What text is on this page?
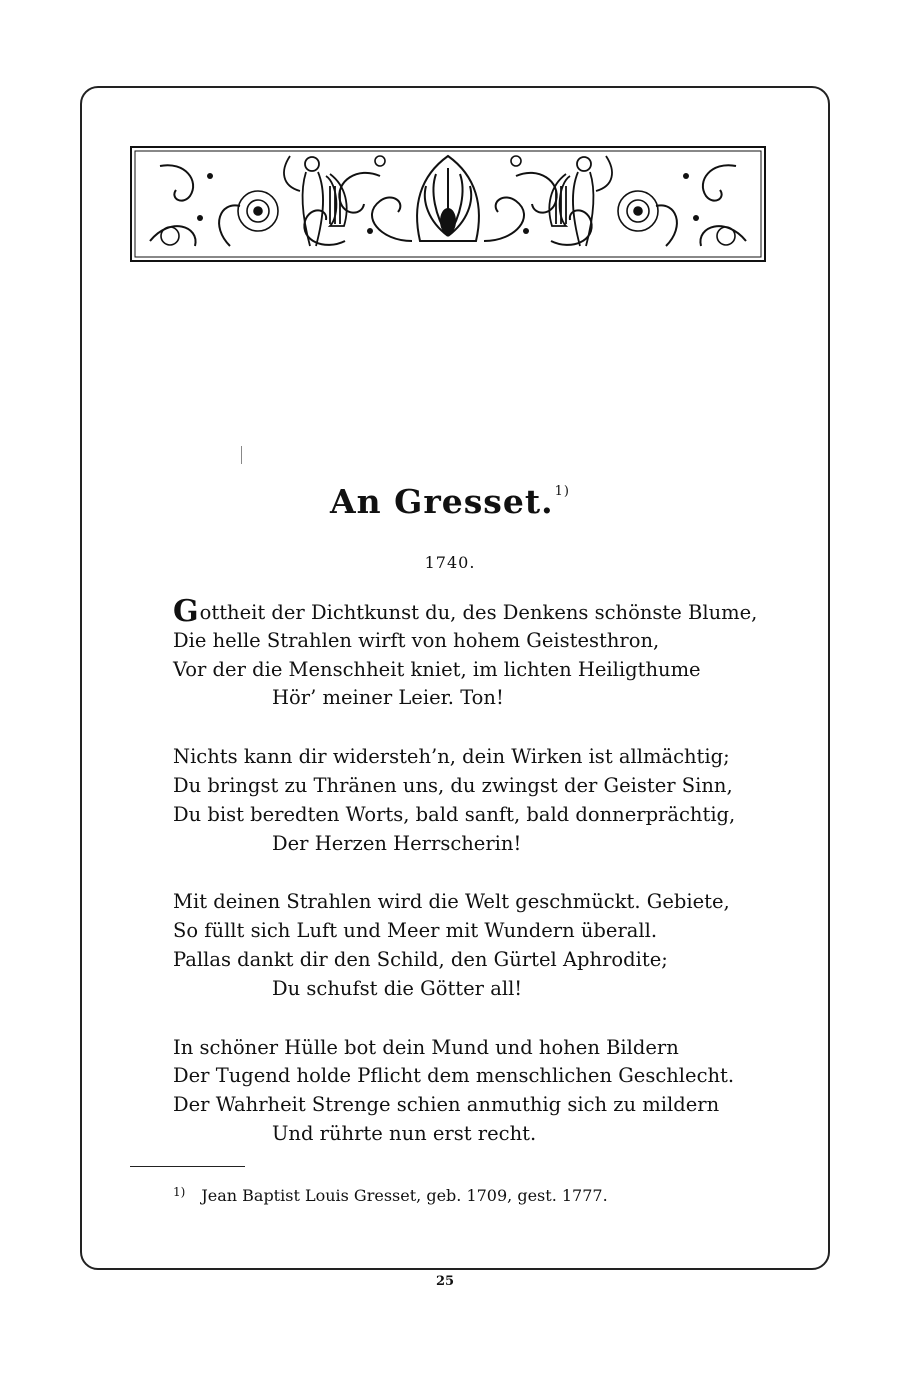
An Gresset.$^{1)}$
1740.
Gottheit der Dichtkunst du, des Denkens schönste Blume,
Die helle Strahlen wirft von hohem Geistesthron,
Vor der die Menschheit kniet, im lichten Heiligthume
Hör’ meiner Leier. Ton!
Nichts kann dir widersteh’n, dein Wirken ist allmächtig;
Du bringst zu Thränen uns, du zwingst der Geister Sinn,
Du bist beredten Worts, bald sanft, bald donnerprächtig,
Der Herzen Herrscherin!
Mit deinen Strahlen wird die Welt geschmückt. Gebiete,
So füllt sich Luft und Meer mit Wundern überall.
Pallas dankt dir den Schild, den Gürtel Aphrodite;
Du schufst die Götter all!
In schöner Hülle bot dein Mund und hohen Bildern
Der Tugend holde Pflicht dem menschlichen Geschlecht.
Der Wahrheit Strenge schien anmuthig sich zu mildern
Und rührte nun erst recht.
$^{1)}$ Jean Baptist Louis Gresset, geb. 1709, gest. 1777.
25
